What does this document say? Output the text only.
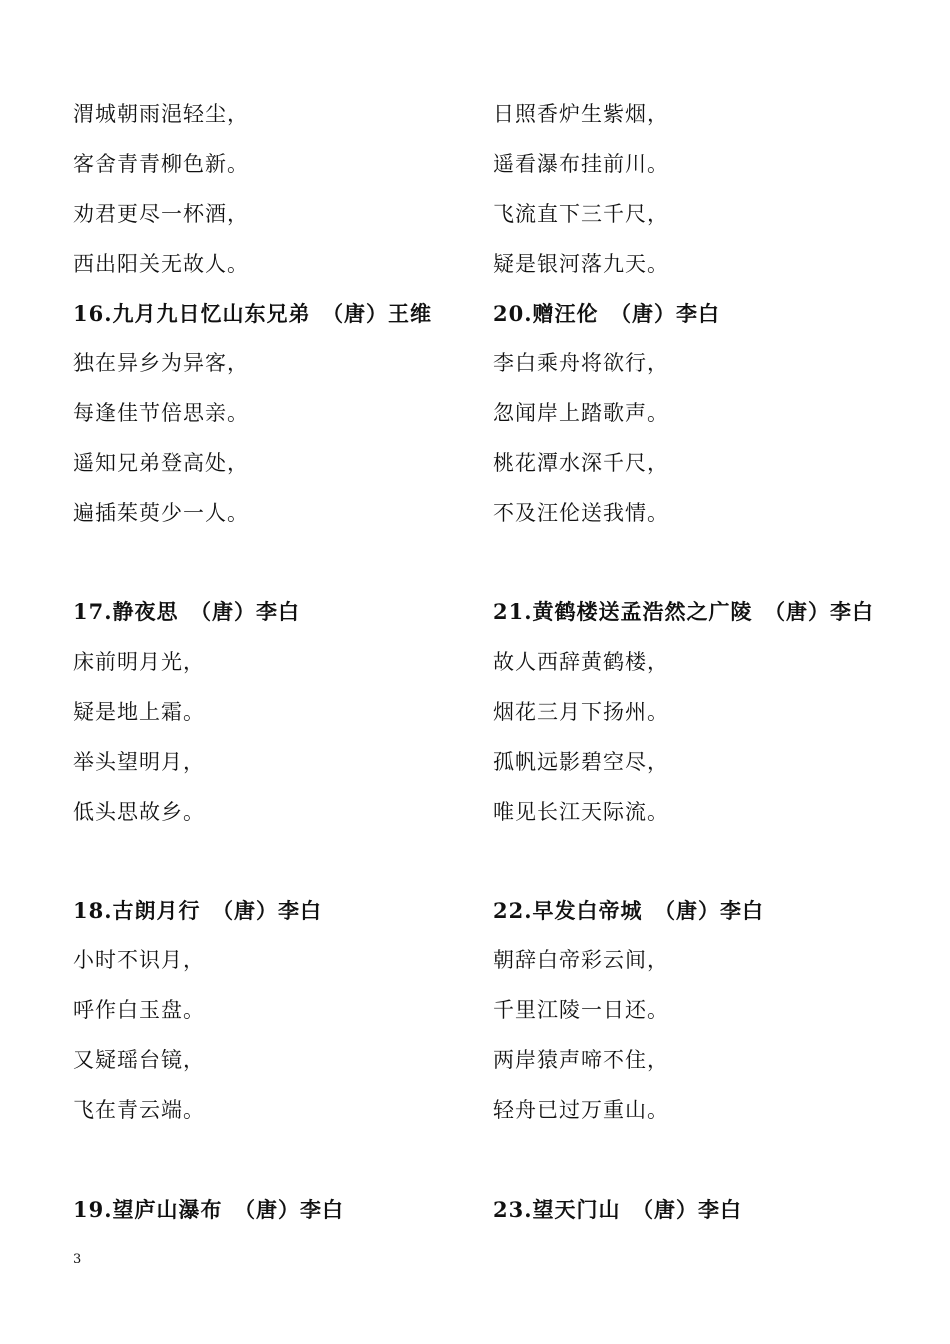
渭城朝雨浥轻尘，
客舍青青柳色新。
劝君更尽一杯酒，
西出阳关无故人。
16.九月九日忆山东兄弟　（唐）王维
独在异乡为异客，
每逢佳节倍思亲。
遥知兄弟登高处，
遍插茱萸少一人。
17.静夜思　（唐）李白
床前明月光，
疑是地上霜。
举头望明月，
低头思故乡。
18.古朗月行　（唐）李白
小时不识月，
呼作白玉盘。
又疑瑶台镜，
飞在青云端。
19.望庐山瀑布　（唐）李白
日照香炉生紫烟，
遥看瀑布挂前川。
飞流直下三千尺，
疑是银河落九天。
20.赠汪伦　（唐）李白
李白乘舟将欲行，
忽闻岸上踏歌声。
桃花潭水深千尺，
不及汪伦送我情。
21.黄鹤楼送孟浩然之广陵　（唐）李白
故人西辞黄鹤楼，
烟花三月下扬州。
孤帆远影碧空尽，
唯见长江天际流。
22.早发白帝城　（唐）李白
朝辞白帝彩云间，
千里江陵一日还。
两岸猿声啼不住，
轻舟已过万重山。
23.望天门山　（唐）李白
3
